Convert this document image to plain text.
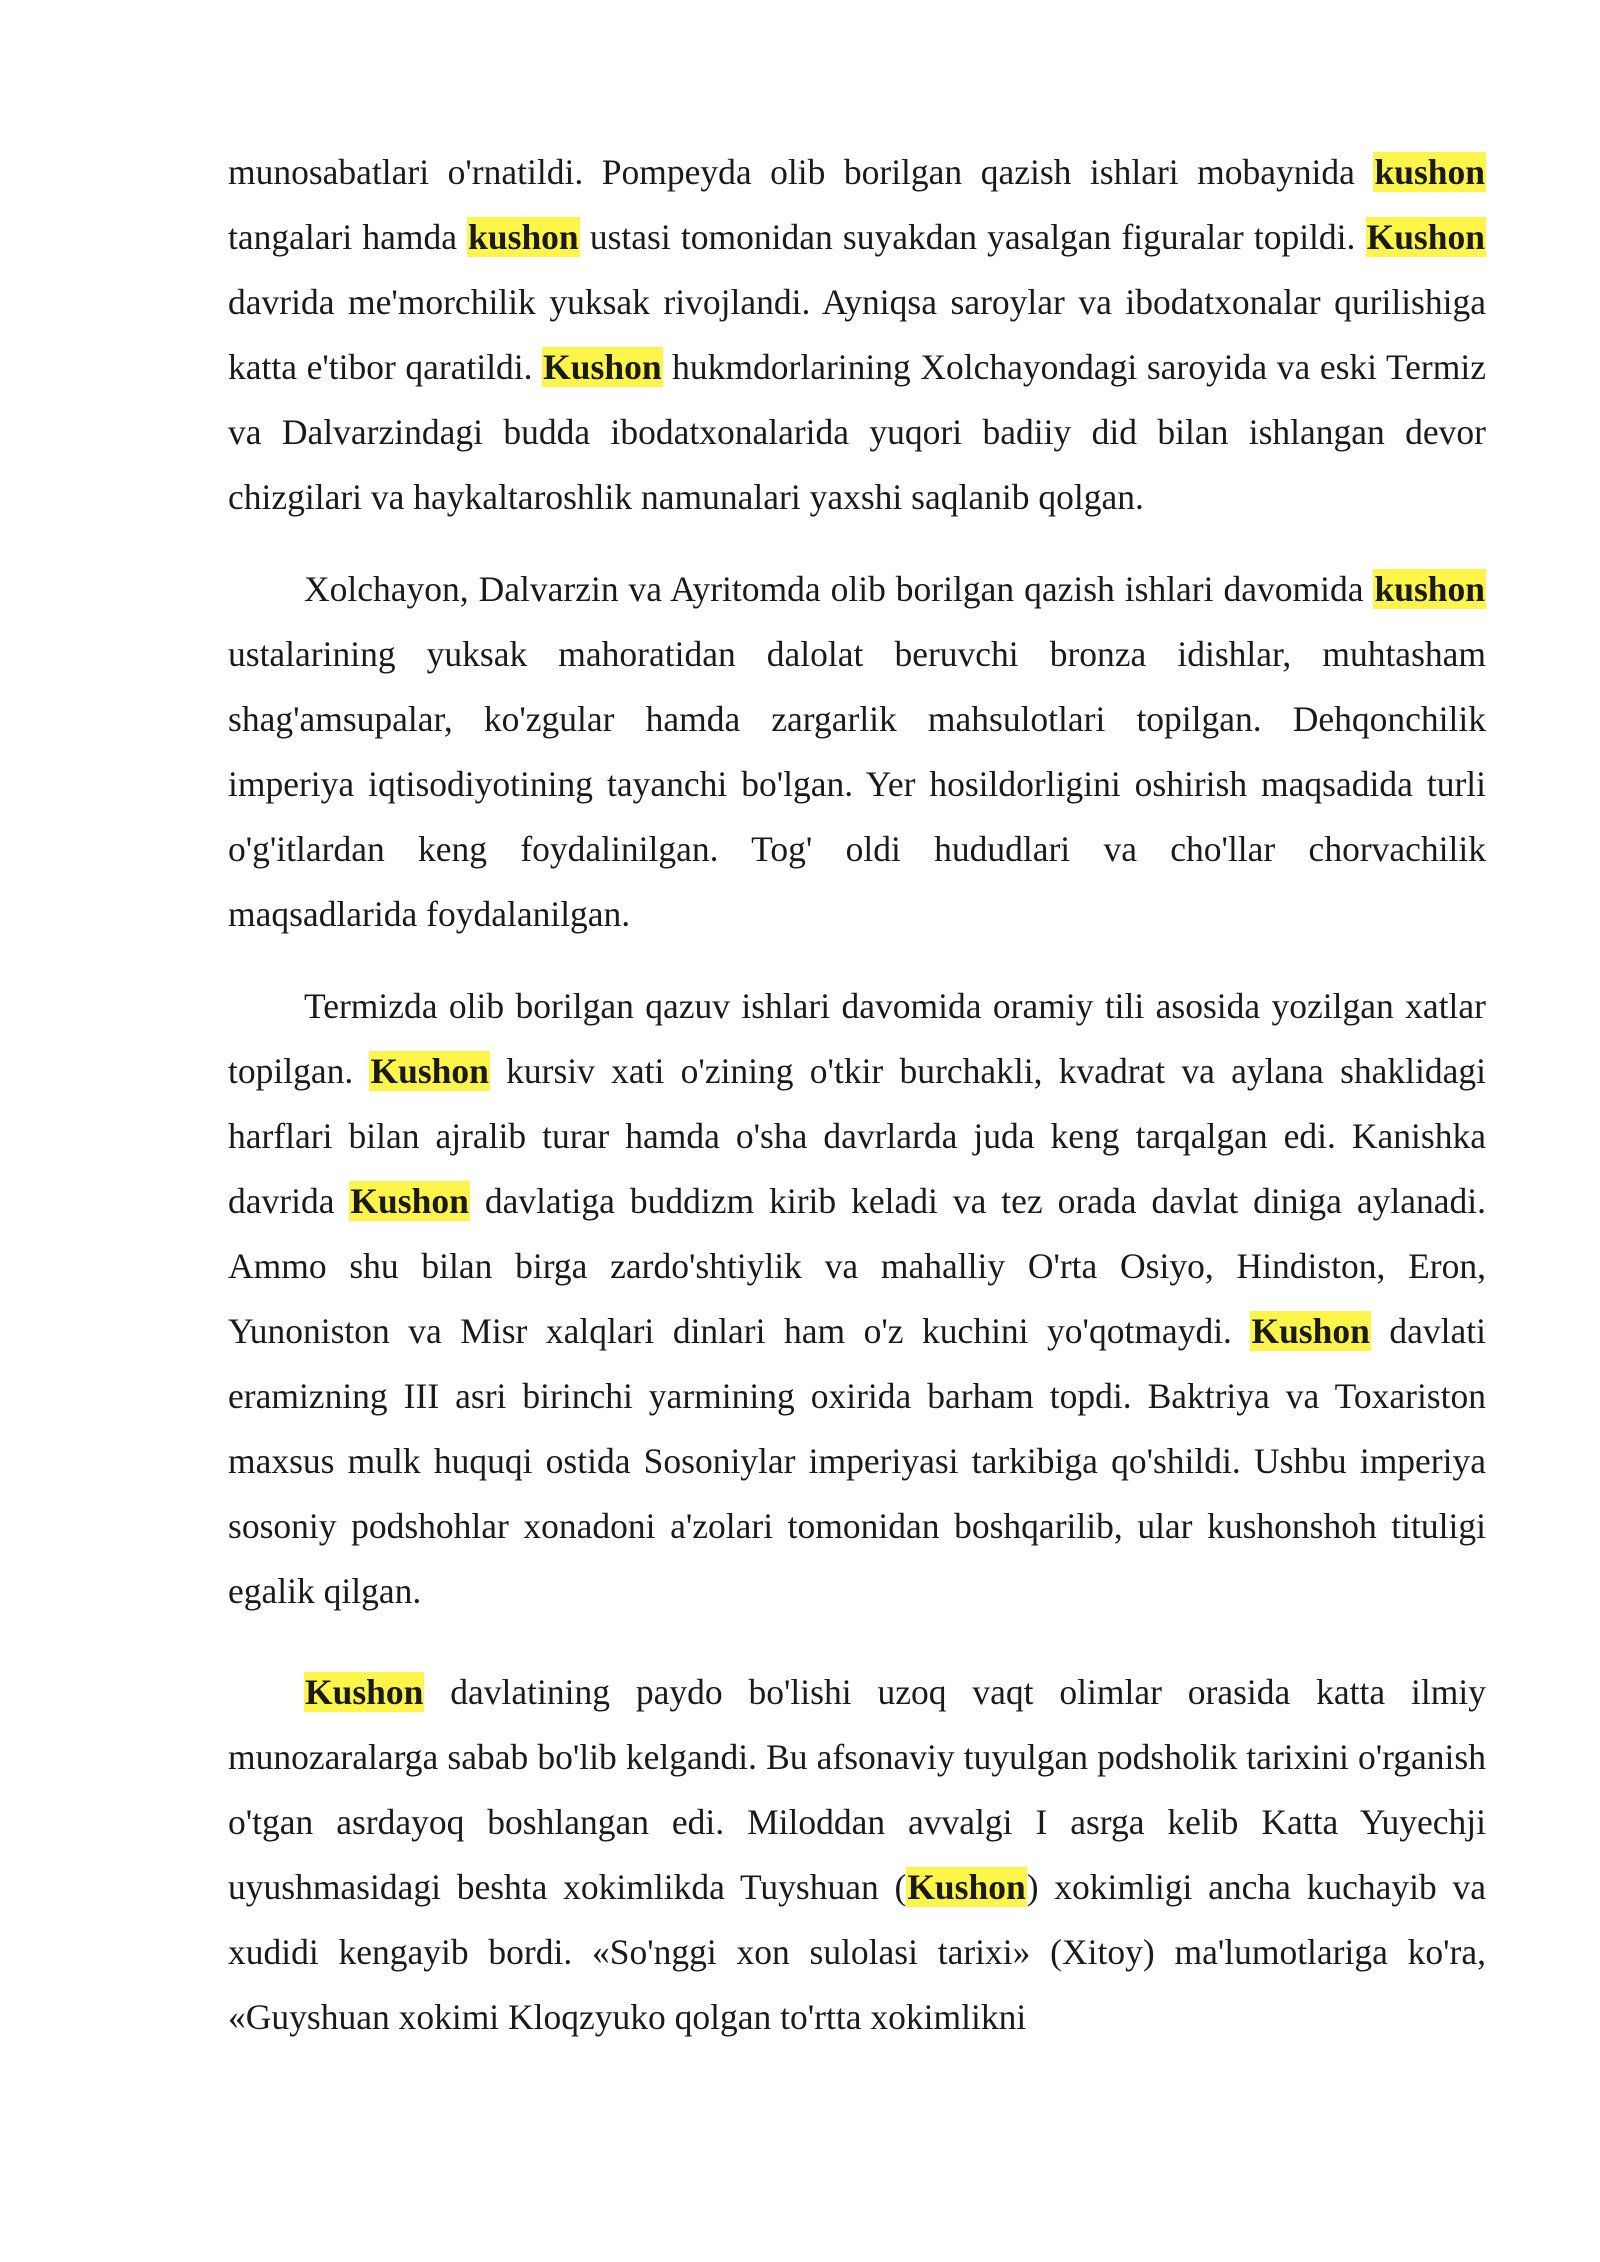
munosabatlari o'rnatildi. Pompeyda olib borilgan qazish ishlari mobaynida kushon tangalari hamda kushon ustasi tomonidan suyakdan yasalgan figuralar topildi. Kushon davrida me'morchilik yuksak rivojlandi. Ayniqsa saroylar va ibodatxonalar qurilishiga katta e'tibor qaratildi. Kushon hukmdorlarining Xolchayondagi saroyida va eski Termiz va Dalvarzindagi budda ibodatxonalarida yuqori badiiy did bilan ishlangan devor chizgilari va haykaltaroshlik namunalari yaxshi saqlanib qolgan.

Xolchayon, Dalvarzin va Ayritomda olib borilgan qazish ishlari davomida kushon ustalarining yuksak mahoratidan dalolat beruvchi bronza idishlar, muhtasham shag'amsupalar, ko'zgular hamda zargarlik mahsulotlari topilgan. Dehqonchilik imperiya iqtisodiyotining tayanchi bo'lgan. Yer hosildorligini oshirish maqsadida turli o'g'itlardan keng foydalinilgan. Tog' oldi hududlari va cho'llar chorvachilik maqsadlarida foydalanilgan.

Termizda olib borilgan qazuv ishlari davomida oramiy tili asosida yozilgan xatlar topilgan. Kushon kursiv xati o'zining o'tkir burchakli, kvadrat va aylana shaklidagi harflari bilan ajralib turar hamda o'sha davrlarda juda keng tarqalgan edi. Kanishka davrida Kushon davlatiga buddizm kirib keladi va tez orada davlat diniga aylanadi. Ammo shu bilan birga zardo'shtiylik va mahalliy O'rta Osiyo, Hindiston, Eron, Yunoniston va Misr xalqlari dinlari ham o'z kuchini yo'qotmaydi. Kushon davlati eramizning III asri birinchi yarmining oxirida barham topdi. Baktriya va Toxariston maxsus mulk huquqi ostida Sosoniylar imperiyasi tarkibiga qo'shildi. Ushbu imperiya sosoniy podshohlar xonadoni a'zolari tomonidan boshqarilib, ular kushonshoh tituligi egalik qilgan.

Kushon davlatining paydo bo'lishi uzoq vaqt olimlar orasida katta ilmiy munozaralarga sabab bo'lib kelgandi. Bu afsonaviy tuyulgan podsholik tarixini o'rganish o'tgan asrdayoq boshlangan edi. Miloddan avvalgi I asrga kelib Katta Yuyechji uyushmasidagi beshta xokimlikda Tuyshuan (Kushon) xokimligi ancha kuchayib va xudidi kengayib bordi. «So'nggi xon sulolasi tarixi» (Xitoy) ma'lumotlariga ko'ra, «Guyshuan xokimi Kloqzyuko qolgan to'rtta xokimlikni
